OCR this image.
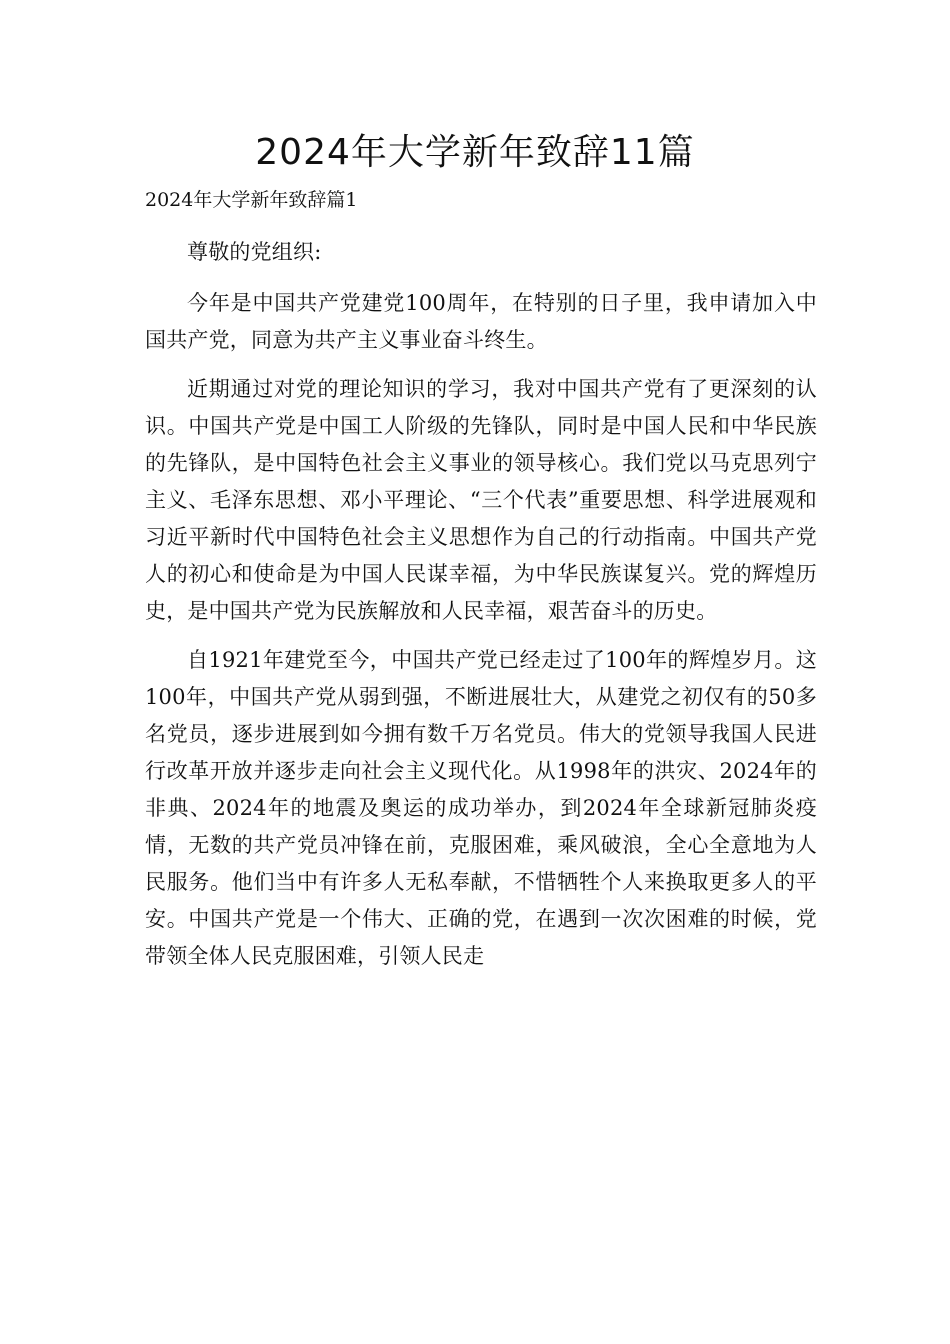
2024年大学新年致辞11篇

2024年大学新年致辞篇1

尊敬的党组织:

今年是中国共产党建党100周年，在特别的日子里，我申请加入中国共产党，同意为共产主义事业奋斗终生。

近期通过对党的理论知识的学习，我对中国共产党有了更深刻的认识。中国共产党是中国工人阶级的先锋队，同时是中国人民和中华民族的先锋队，是中国特色社会主义事业的领导核心。我们党以马克思列宁主义、毛泽东思想、邓小平理论、“三个代表”重要思想、科学进展观和习近平新时代中国特色社会主义思想作为自己的行动指南。中国共产党人的初心和使命是为中国人民谋幸福，为中华民族谋复兴。党的辉煌历史，是中国共产党为民族解放和人民幸福，艰苦奋斗的历史。

自1921年建党至今，中国共产党已经走过了100年的辉煌岁月。这100年，中国共产党从弱到强，不断进展壮大，从建党之初仅有的50多名党员，逐步进展到如今拥有数千万名党员。伟大的党领导我国人民进行改革开放并逐步走向社会主义现代化。从1998年的洪灾、2024年的非典、2024年的地震及奥运的成功举办，到2024年全球新冠肺炎疫情，无数的共产党员冲锋在前，克服困难，乘风破浪，全心全意地为人民服务。他们当中有许多人无私奉献，不惜牺牲个人来换取更多人的平安。中国共产党是一个伟大、正确的党，在遇到一次次困难的时候，党带领全体人民克服困难，引领人民走
